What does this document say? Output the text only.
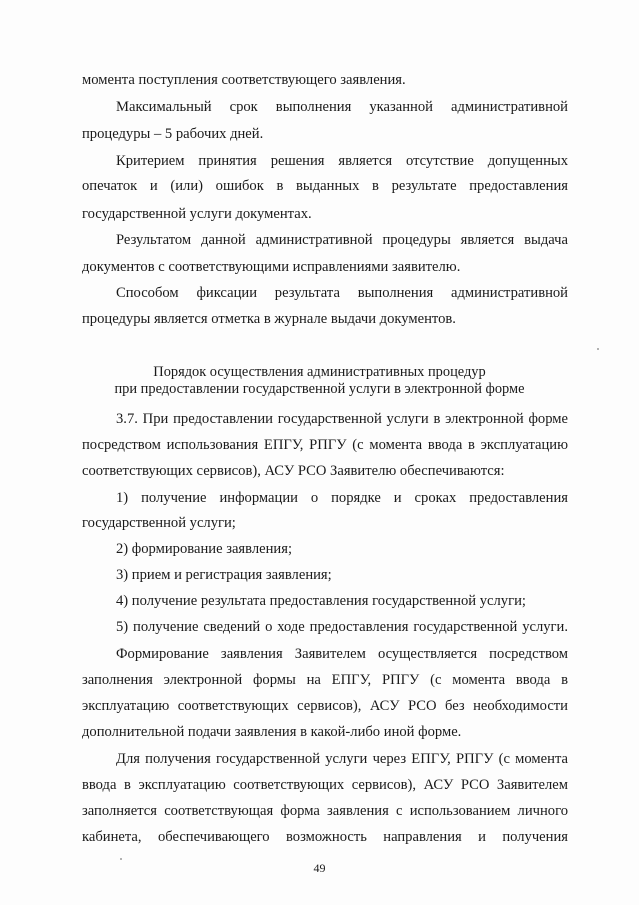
момента поступления соответствующего заявления.
Максимальный срок выполнения указанной административной
процедуры – 5 рабочих дней.
Критерием принятия решения является отсутствие допущенных
опечаток и (или) ошибок в выданных в результате предоставления
государственной услуги документах.
Результатом данной административной процедуры является выдача
документов с соответствующими исправлениями заявителю.
Способом фиксации результата выполнения административной
процедуры является отметка в журнале выдачи документов.
Порядок осуществления административных процедур
при предоставлении государственной услуги в электронной форме
3.7. При предоставлении государственной услуги в электронной форме
посредством использования ЕПГУ, РПГУ (с момента ввода в эксплуатацию
соответствующих сервисов), АСУ РСО Заявителю обеспечиваются:
1) получение информации о порядке и сроках предоставления
государственной услуги;
2) формирование заявления;
3) прием и регистрация заявления;
4) получение результата предоставления государственной услуги;
5) получение сведений о ходе предоставления государственной услуги.
Формирование заявления Заявителем осуществляется посредством
заполнения электронной формы на ЕПГУ, РПГУ (с момента ввода в
эксплуатацию соответствующих сервисов), АСУ РСО без необходимости
дополнительной подачи заявления в какой-либо иной форме.
Для получения государственной услуги через ЕПГУ, РПГУ (с момента
ввода в эксплуатацию соответствующих сервисов), АСУ РСО Заявителем
заполняется соответствующая форма заявления с использованием личного
кабинета, обеспечивающего возможность направления и получения
49
